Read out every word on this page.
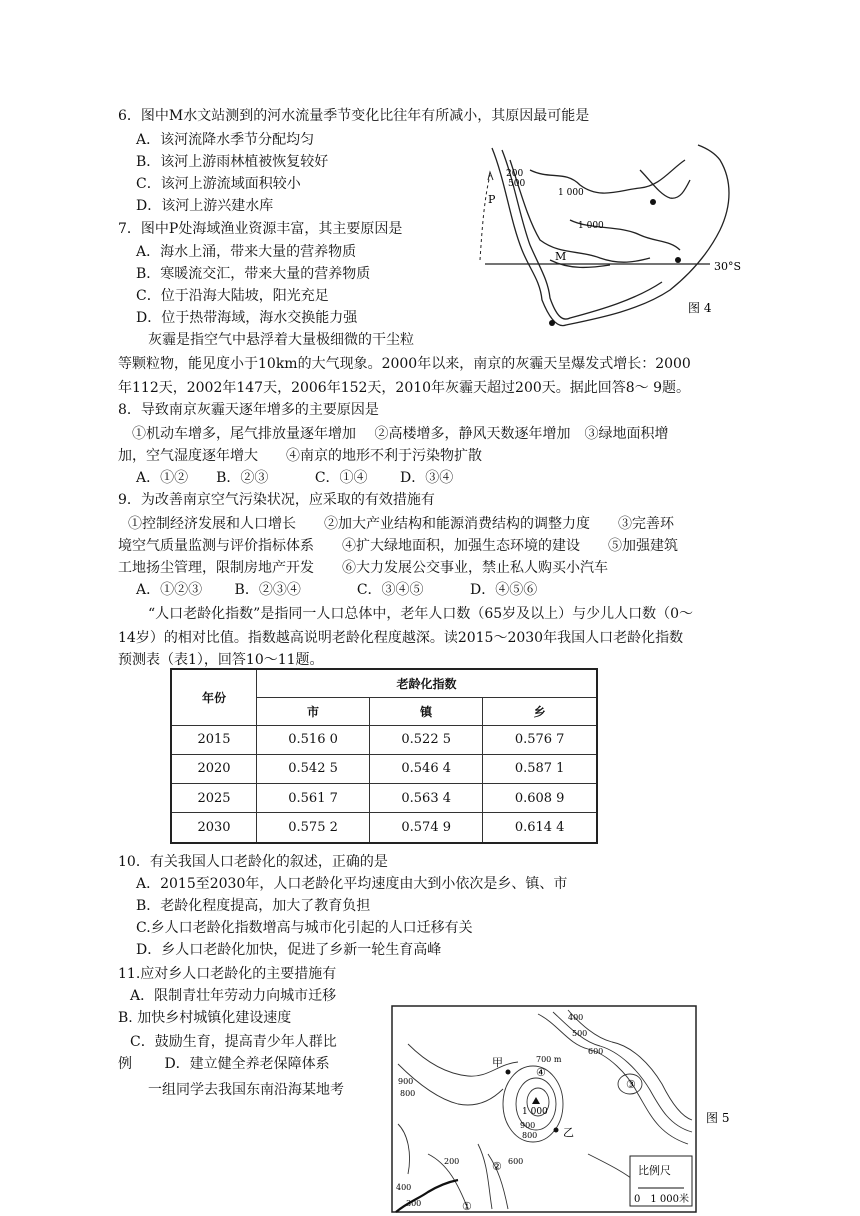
6．图中M水文站测到的河水流量季节变化比往年有所减小，其原因最可能是
A．该河流降水季节分配均匀
B．该河上游雨林植被恢复较好
C．该河上游流域面积较小
D．该河上游兴建水库
7．图中P处海域渔业资源丰富，其主要原因是
A．海水上涌，带来大量的营养物质
B．寒暖流交汇，带来大量的营养物质
C．位于沿海大陆坡，阳光充足
D．位于热带海域，海水交换能力强
M
P
200
500
1 000
1 000
30°S
图 4
灰霾是指空气中悬浮着大量极细微的干尘粒
等颗粒物，能见度小于10km的大气现象。2000年以来，南京的灰霾天呈爆发式增长：2000
年112天，2002年147天，2006年152天，2010年灰霾天超过200天。据此回答8～ 9题。
8．导致南京灰霾天逐年增多的主要原因是
①机动车增多，尾气排放量逐年增加　 ②高楼增多，静风天数逐年增加　③绿地面积增
加，空气湿度逐年增大　　④南京的地形不利于污染物扩散
A．①②　　B．②③　　　 C．①④　　 D．③④
9．为改善南京空气污染状况，应采取的有效措施有
①控制经济发展和人口增长　　②加大产业结构和能源消费结构的调整力度　　③完善环
境空气质量监测与评价指标体系　　④扩大绿地面积，加强生态环境的建设　　⑤加强建筑
工地扬尘管理，限制房地产开发　　⑥大力发展公交事业，禁止私人购买小汽车
A．①②③　　 B．②③④　　　　C．③④⑤　　　 D．④⑤⑥
“人口老龄化指数”是指同一人口总体中，老年人口数（65岁及以上）与少儿人口数（0～
14岁）的相对比值。指数越高说明老龄化程度越深。读2015～2030年我国人口老龄化指数
预测表（表1），回答10～11题。
年份	老龄化指数		
	市	镇	乡
2015	0.516 0	0.522 5	0.576 7
2020	0.542 5	0.546 4	0.587 1
2025	0.561 7	0.563 4	0.608 9
2030	0.575 2	0.574 9	0.614 4
10．有关我国人口老龄化的叙述，正确的是
A．2015至2030年，人口老龄化平均速度由大到小依次是乡、镇、市
B．老龄化程度提高，加大了教育负担
C.乡人口老龄化指数增高与城市化引起的人口迁移有关
D．乡人口老龄化加快，促进了乡新一轮生育高峰
11.应对乡人口老龄化的主要措施有
A．限制青壮年劳动力向城市迁移
B. 加快乡村城镇化建设速度
C．鼓励生育，提高青少年人群比
例　　 D．建立健全养老保障体系
一组同学去我国东南沿海某地考
甲
乙
1 000
700 m
900
800
400
500
600
300
200
400
600
900
800
①
②
③
④
比例尺
0　1 000米
图 5
